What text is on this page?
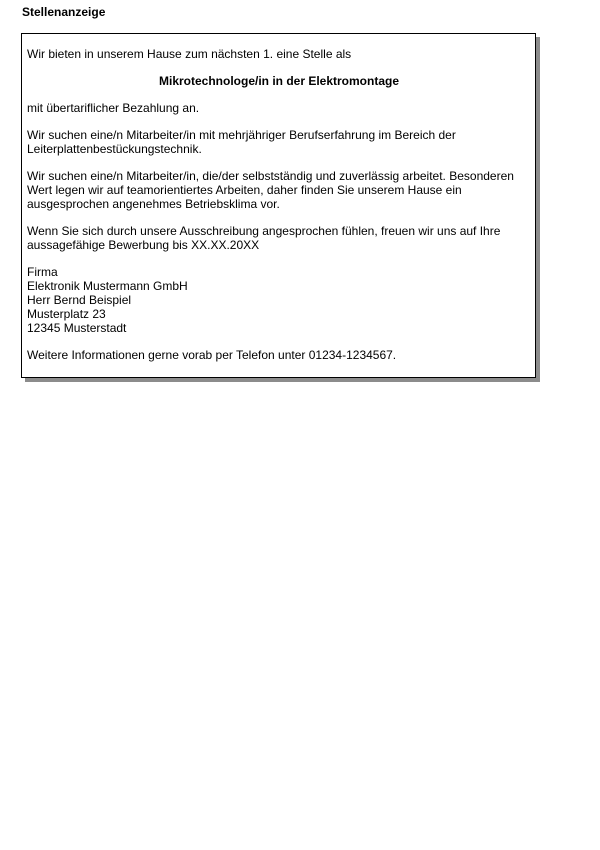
Stellenanzeige

Wir bieten in unserem Hause zum nächsten 1. eine Stelle als

Mikrotechnologe/in in der Elektromontage

mit übertariflicher Bezahlung an.

Wir suchen eine/n Mitarbeiter/in mit mehrjähriger Berufserfahrung im Bereich der
Leiterplattenbestückungstechnik.

Wir suchen eine/n Mitarbeiter/in, die/der selbstständig und zuverlässig arbeitet. Besonderen
Wert legen wir auf teamorientiertes Arbeiten, daher finden Sie unserem Hause ein
ausgesprochen angenehmes Betriebsklima vor.

Wenn Sie sich durch unsere Ausschreibung angesprochen fühlen, freuen wir uns auf Ihre
aussagefähige Bewerbung bis XX.XX.20XX

Firma
Elektronik Mustermann GmbH
Herr Bernd Beispiel
Musterplatz 23
12345 Musterstadt

Weitere Informationen gerne vorab per Telefon unter 01234-1234567.
